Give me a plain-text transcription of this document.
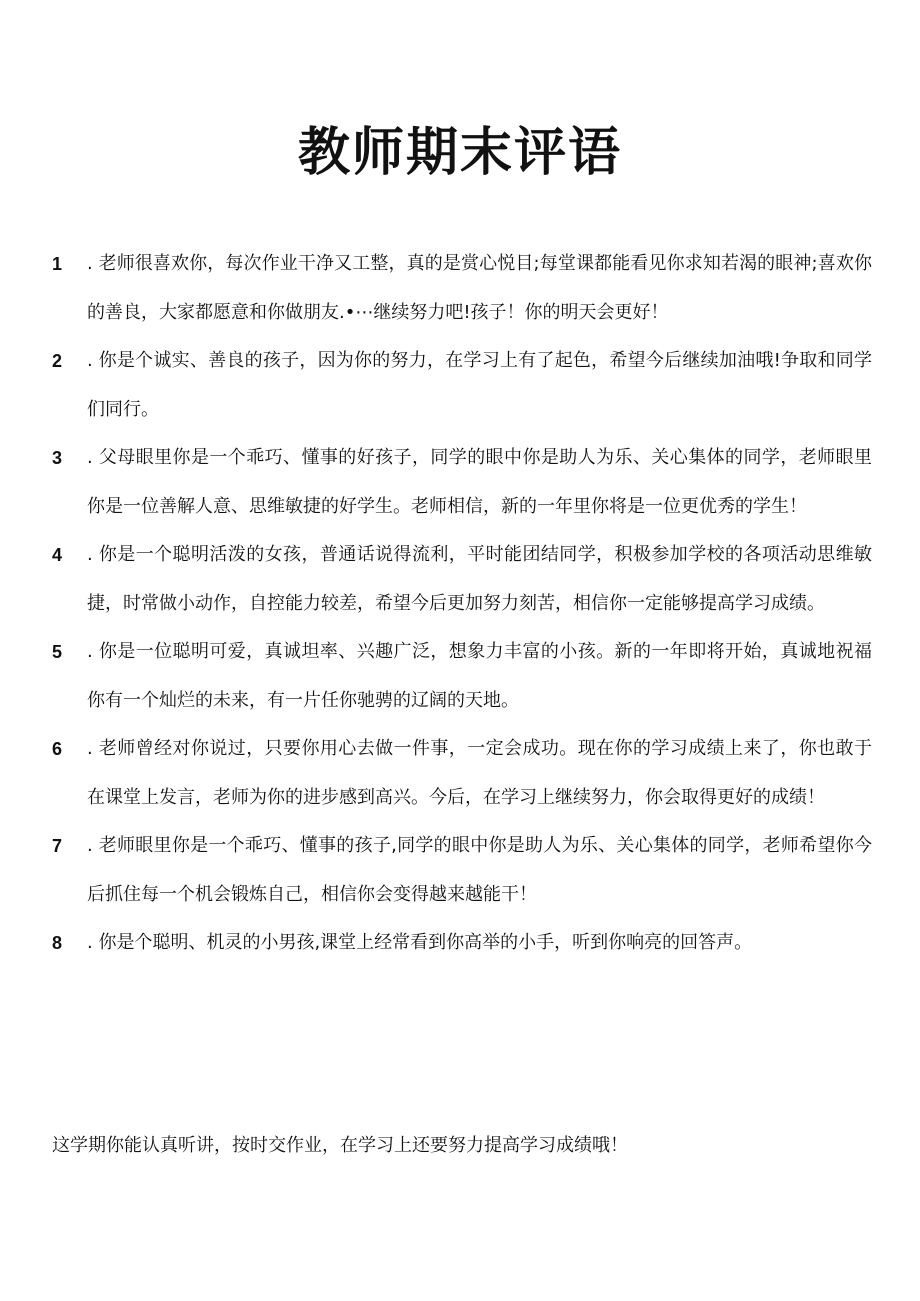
教师期末评语
1 . 老师很喜欢你，每次作业干净又工整，真的是赏心悦目;每堂课都能看见你求知若渴的眼神;喜欢你的善良，大家都愿意和你做朋友.•⋯继续努力吧!孩子！你的明天会更好！
2 . 你是个诚实、善良的孩子，因为你的努力，在学习上有了起色，希望今后继续加油哦!争取和同学们同行。
3 . 父母眼里你是一个乖巧、懂事的好孩子，同学的眼中你是助人为乐、关心集体的同学，老师眼里你是一位善解人意、思维敏捷的好学生。老师相信，新的一年里你将是一位更优秀的学生！
4 . 你是一个聪明活泼的女孩，普通话说得流利，平时能团结同学，积极参加学校的各项活动思维敏捷，时常做小动作，自控能力较差，希望今后更加努力刻苦，相信你一定能够提高学习成绩。
5 . 你是一位聪明可爱，真诚坦率、兴趣广泛，想象力丰富的小孩。新的一年即将开始，真诚地祝福你有一个灿烂的未来，有一片任你驰骋的辽阔的天地。
6 . 老师曾经对你说过，只要你用心去做一件事，一定会成功。现在你的学习成绩上来了，你也敢于在课堂上发言，老师为你的进步感到高兴。今后，在学习上继续努力，你会取得更好的成绩！
7 . 老师眼里你是一个乖巧、懂事的孩子,同学的眼中你是助人为乐、关心集体的同学，老师希望你今后抓住每一个机会锻炼自己，相信你会变得越来越能干！
8 . 你是个聪明、机灵的小男孩,课堂上经常看到你高举的小手，听到你响亮的回答声。
这学期你能认真听讲，按时交作业，在学习上还要努力提高学习成绩哦！
